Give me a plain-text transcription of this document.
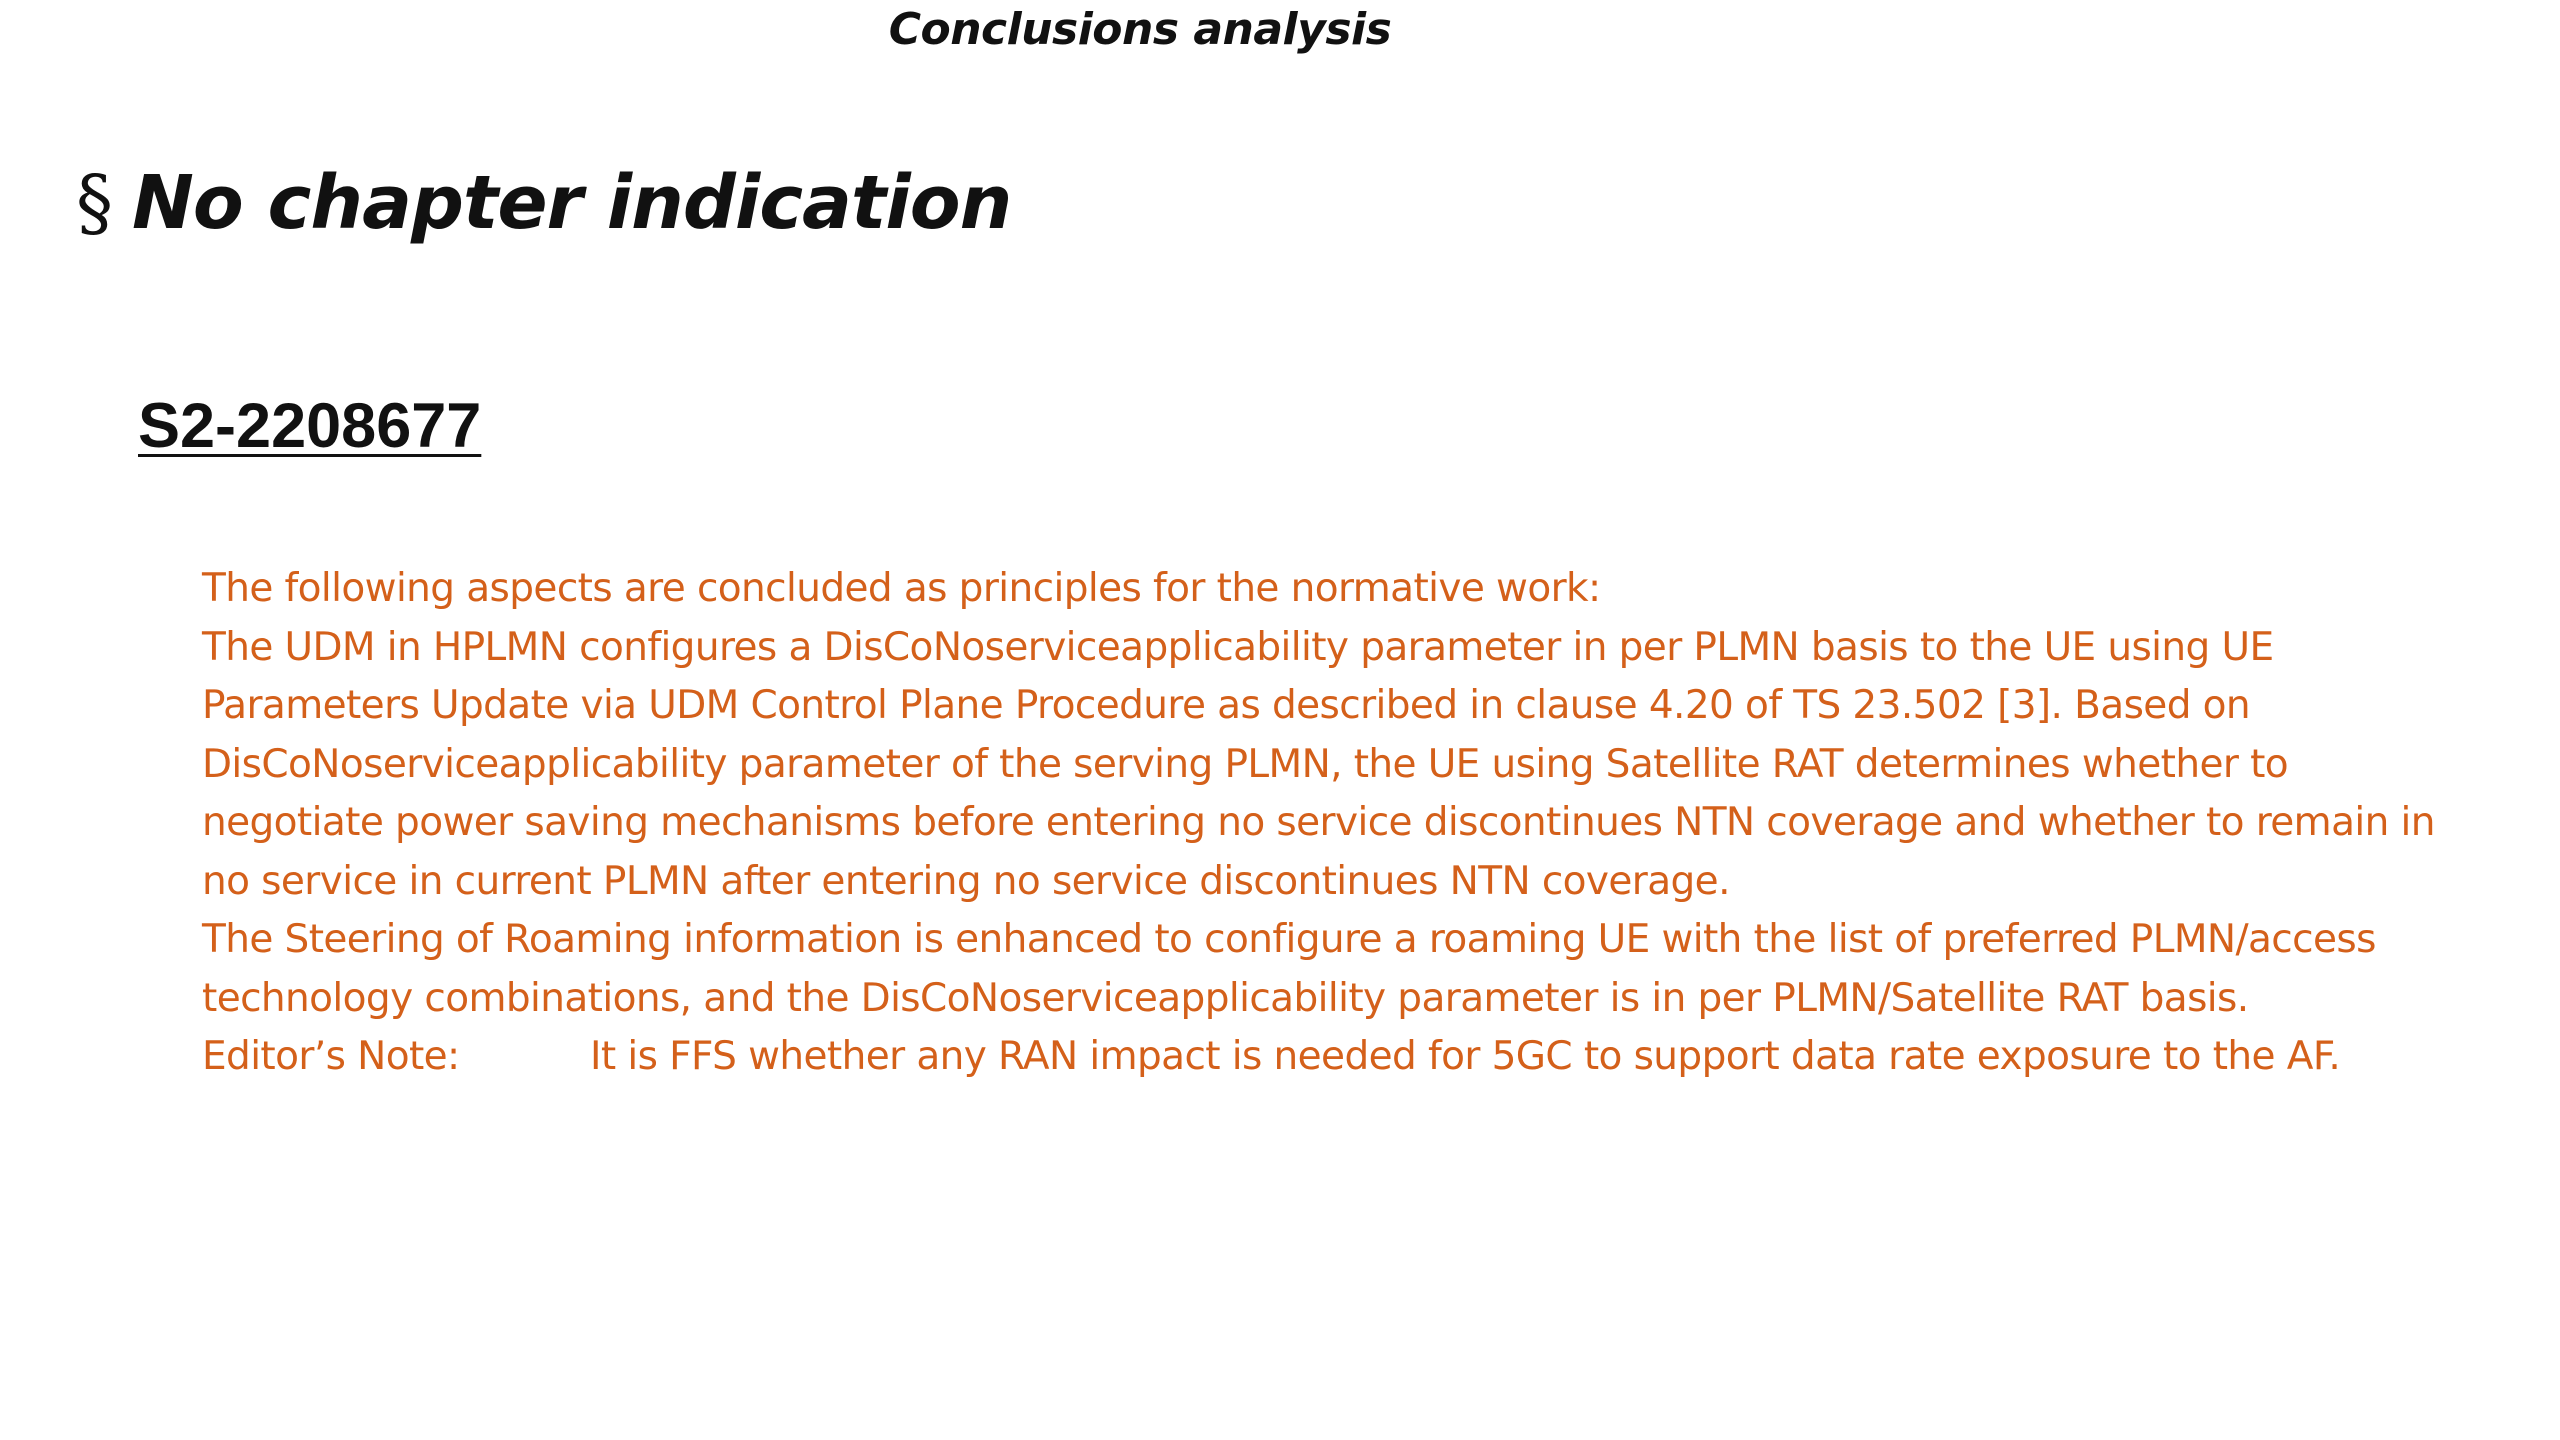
Conclusions analysis
§ No chapter indication
S2-2208677

The following aspects are concluded as principles for the normative work:

The UDM in HPLMN configures a DisCoNoserviceapplicability parameter in per PLMN basis to the UE using UE Parameters Update via UDM Control Plane Procedure as described in clause 4.20 of TS 23.502 [3]. Based on DisCoNoserviceapplicability parameter of the serving PLMN, the UE using Satellite RAT determines whether to negotiate power saving mechanisms before entering no service discontinues NTN coverage and whether to remain in no service in current PLMN after entering no service discontinues NTN coverage.

The Steering of Roaming information is enhanced to configure a roaming UE with the list of preferred PLMN/access technology combinations, and the DisCoNoserviceapplicability parameter is in per PLMN/Satellite RAT basis.

Editor’s Note:	It is FFS whether any RAN impact is needed for 5GC to support data rate exposure to the AF.
